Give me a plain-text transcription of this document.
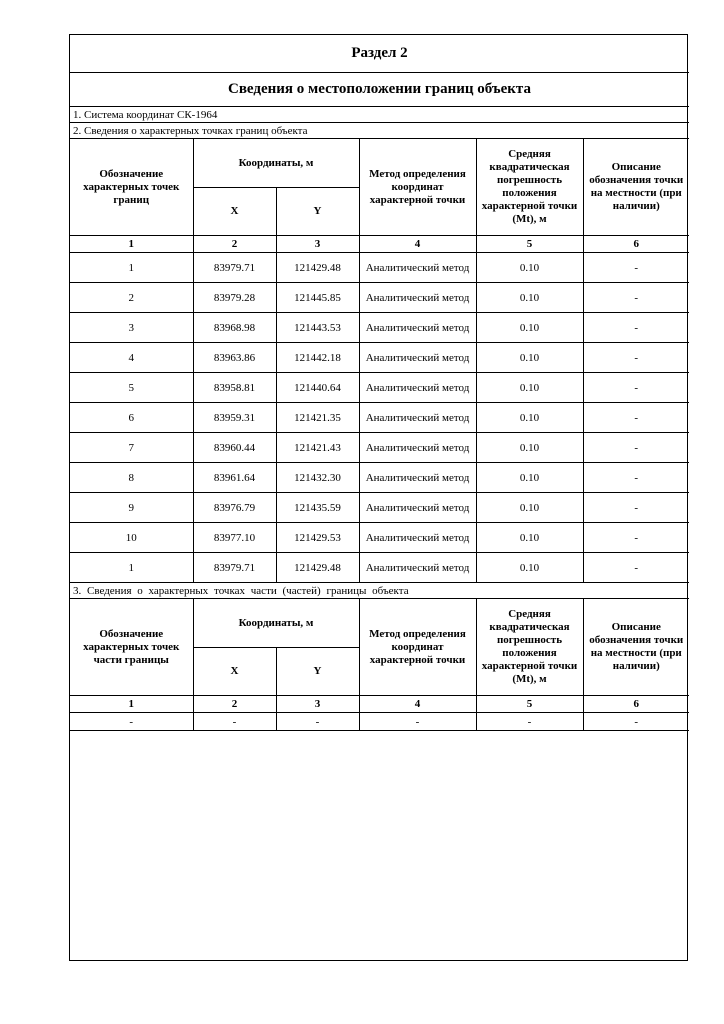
Раздел 2					
Сведения о местоположении границ объекта					
1. Система координат СК-1964					
2. Сведения о характерных точках границ объекта					
Обозначение характерных точек границ	Координаты, м		Метод определения координат характерной точки	Средняя квадратическая погрешность положения характерной точки (Mt), м	Описание обозначения точки на местности (при наличии)
	X	Y			
1	2	3	4	5	6
1	83979.71	121429.48	Аналитический метод	0.10	-
2	83979.28	121445.85	Аналитический метод	0.10	-
3	83968.98	121443.53	Аналитический метод	0.10	-
4	83963.86	121442.18	Аналитический метод	0.10	-
5	83958.81	121440.64	Аналитический метод	0.10	-
6	83959.31	121421.35	Аналитический метод	0.10	-
7	83960.44	121421.43	Аналитический метод	0.10	-
8	83961.64	121432.30	Аналитический метод	0.10	-
9	83976.79	121435.59	Аналитический метод	0.10	-
10	83977.10	121429.53	Аналитический метод	0.10	-
1	83979.71	121429.48	Аналитический метод	0.10	-
3. Сведения о характерных точках части (частей) границы объекта					
Обозначение характерных точек части границы	Координаты, м		Метод определения координат характерной точки	Средняя квадратическая погрешность положения характерной точки (Mt), м	Описание обозначения точки на местности (при наличии)
	X	Y			
1	2	3	4	5	6
-	-	-	-	-	-
